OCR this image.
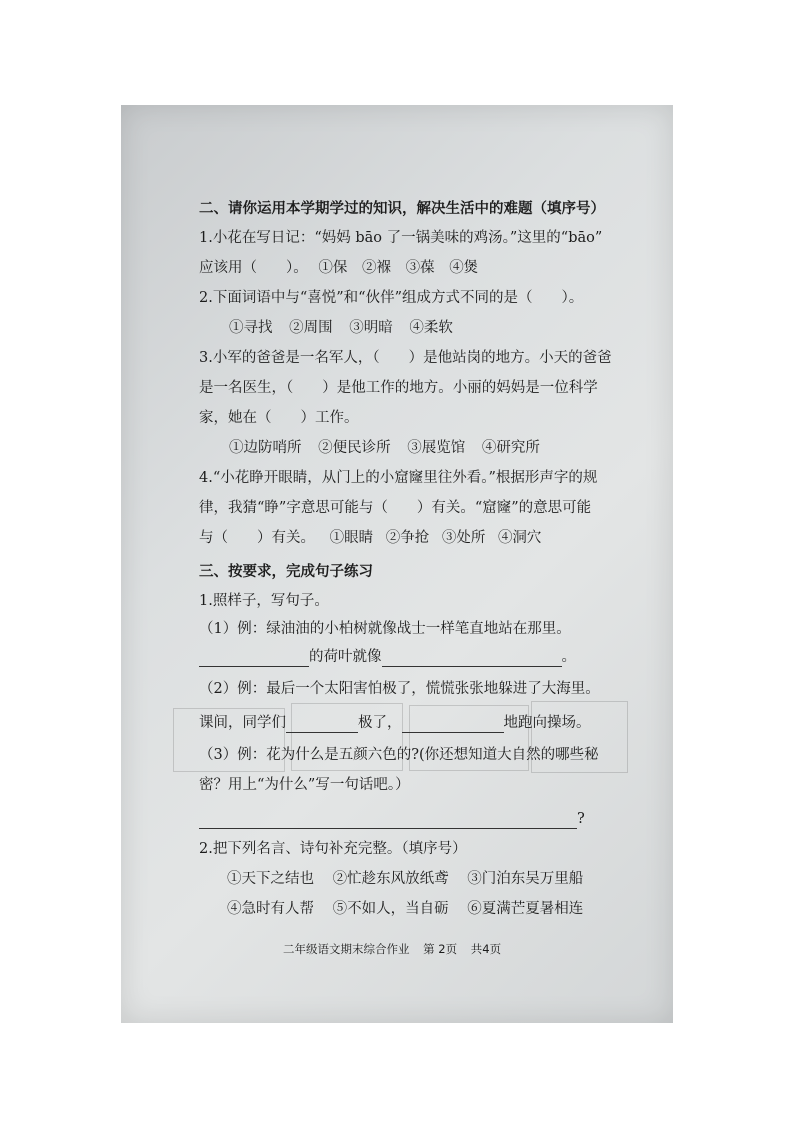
二、请你运用本学期学过的知识，解决生活中的难题（填序号）
1.小花在写日记：“妈妈 bāo 了一锅美味的鸡汤。”这里的“bāo”
应该用（　　）。 ①保 ②褓 ③葆 ④煲
2.下面词语中与“喜悦”和“伙伴”组成方式不同的是（　　）。
①寻找 ②周围 ③明暗 ④柔软
3.小军的爸爸是一名军人，（　　）是他站岗的地方。小天的爸爸
是一名医生，（　　）是他工作的地方。小丽的妈妈是一位科学
家，她在（　　）工作。
①边防哨所 ②便民诊所 ③展览馆 ④研究所
4.“小花睁开眼睛，从门上的小窟窿里往外看。”根据形声字的规
律，我猜“睁”字意思可能与（　　）有关。“窟窿”的意思可能
与（　　）有关。 ①眼睛 ②争抢 ③处所 ④洞穴
三、按要求，完成句子练习
1.照样子，写句子。
（1）例：绿油油的小柏树就像战士一样笔直地站在那里。
的荷叶就像	。
（2）例：最后一个太阳害怕极了，慌慌张张地躲进了大海里。
课间，同学们	极了，	地跑向操场。
（3）例：花为什么是五颜六色的?(你还想知道大自然的哪些秘
密？用上“为什么”写一句话吧。）
?
2.把下列名言、诗句补充完整。（填序号）
①天下之结也 ②忙趁东风放纸鸢 ③门泊东吴万里船
④急时有人帮 ⑤不如人，当自砺 ⑥夏满芒夏暑相连
二年级语文期末综合作业 第 2页 共4页
